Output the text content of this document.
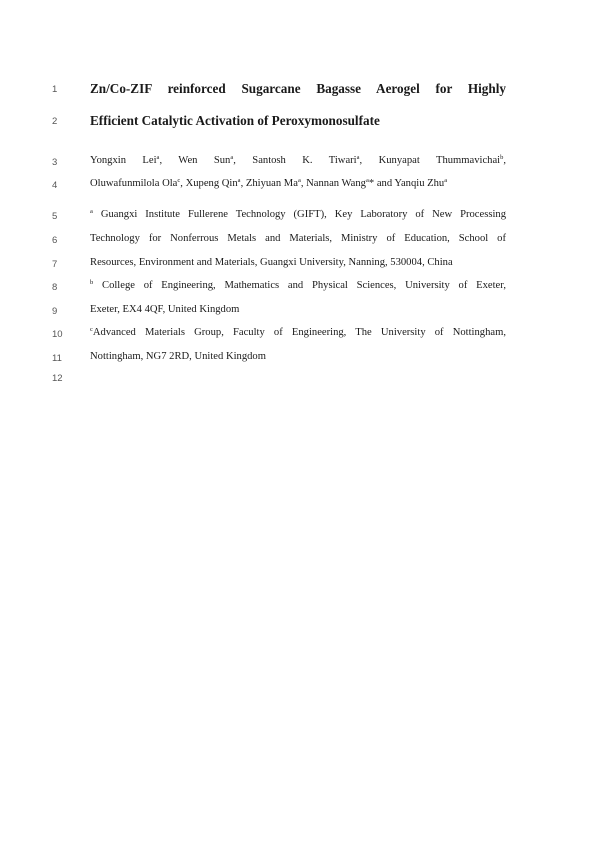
1
2
3
4
5
6
7
8
9
10
11
12
Zn/Co-ZIF reinforced Sugarcane Bagasse Aerogel for Highly
Efficient Catalytic Activation of Peroxymonosulfate
Yongxin Lei$^a$, Wen Sun$^a$, Santosh K. Tiwari$^a$, Kunyapat Thummavichai$^b$,
Oluwafunmilola Ola$^c$, Xupeng Qin$^a$, Zhiyuan Ma$^a$, Nannan Wang$^a$* and Yanqiu Zhu$^a$
$^a$ Guangxi Institute Fullerene Technology (GIFT), Key Laboratory of New Processing
Technology for Nonferrous Metals and Materials, Ministry of Education, School of
Resources, Environment and Materials, Guangxi University, Nanning, 530004, China
$^b$ College of Engineering, Mathematics and Physical Sciences, University of Exeter,
Exeter, EX4 4QF, United Kingdom
$^c$Advanced Materials Group, Faculty of Engineering, The University of Nottingham,
Nottingham, NG7 2RD, United Kingdom
